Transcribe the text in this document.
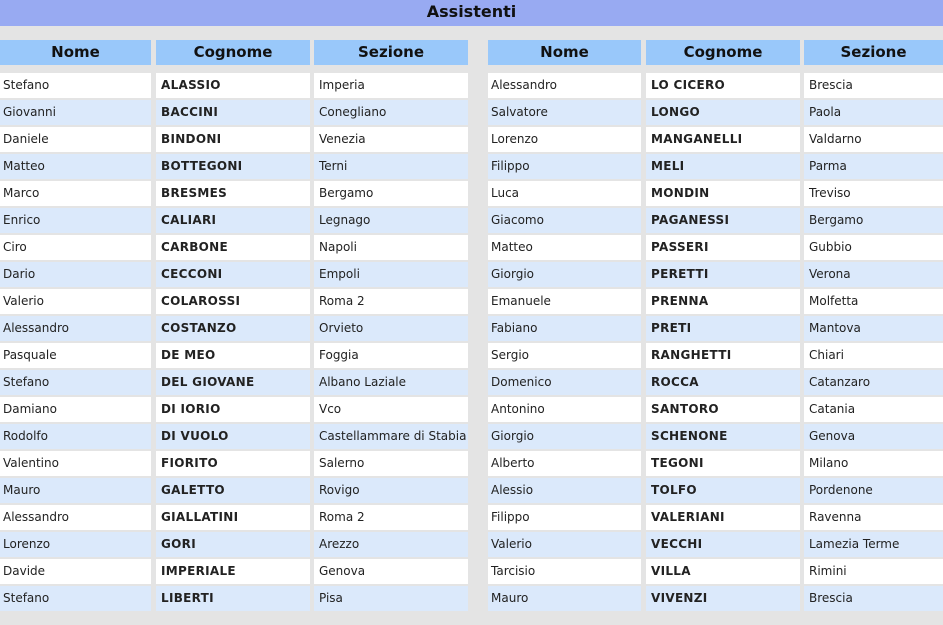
Assistenti
Nome	Cognome	Sezione
Stefano	ALASSIO	Imperia
Giovanni	BACCINI	Conegliano
Daniele	BINDONI	Venezia
Matteo	BOTTEGONI	Terni
Marco	BRESMES	Bergamo
Enrico	CALIARI	Legnago
Ciro	CARBONE	Napoli
Dario	CECCONI	Empoli
Valerio	COLAROSSI	Roma 2
Alessandro	COSTANZO	Orvieto
Pasquale	DE MEO	Foggia
Stefano	DEL GIOVANE	Albano Laziale
Damiano	DI IORIO	Vco
Rodolfo	DI VUOLO	Castellammare di Stabia
Valentino	FIORITO	Salerno
Mauro	GALETTO	Rovigo
Alessandro	GIALLATINI	Roma 2
Lorenzo	GORI	Arezzo
Davide	IMPERIALE	Genova
Stefano	LIBERTI	Pisa
Nome	Cognome	Sezione
Alessandro	LO CICERO	Brescia
Salvatore	LONGO	Paola
Lorenzo	MANGANELLI	Valdarno
Filippo	MELI	Parma
Luca	MONDIN	Treviso
Giacomo	PAGANESSI	Bergamo
Matteo	PASSERI	Gubbio
Giorgio	PERETTI	Verona
Emanuele	PRENNA	Molfetta
Fabiano	PRETI	Mantova
Sergio	RANGHETTI	Chiari
Domenico	ROCCA	Catanzaro
Antonino	SANTORO	Catania
Giorgio	SCHENONE	Genova
Alberto	TEGONI	Milano
Alessio	TOLFO	Pordenone
Filippo	VALERIANI	Ravenna
Valerio	VECCHI	Lamezia Terme
Tarcisio	VILLA	Rimini
Mauro	VIVENZI	Brescia
